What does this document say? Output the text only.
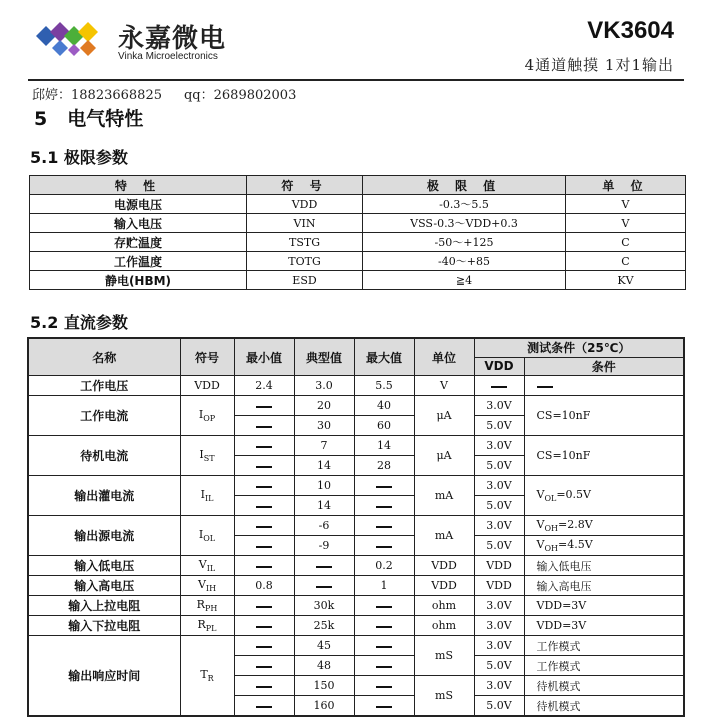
永嘉微电
Vinka Microelectronics
VK3604
4通道触摸 1对1输出
邱婷：18823668825 qq：2689802003
5 电气特性
5.1 极限参数
特 性	符 号	极 限 值	单 位
电源电压	VDD	-0.3～5.5	V
输入电压	VIN	VSS-0.3～VDD+0.3	V
存贮温度	TSTG	-50～+125	C
工作温度	TOTG	-40～+85	C
静电(HBM)	ESD	≧4	KV
5.2 直流参数
名称	符号	最小值	典型值	最大值	单位	测试条件（25℃）	
						VDD	条件
工作电压	VDD	2.4	3.0	5.5	V		
工作电流	$I_{OP}$		20	40	μA	3.0V	CS=10nF
			30	60		5.0V	
待机电流	$I_{ST}$		7	14	μA	3.0V	CS=10nF
			14	28		5.0V	
输出灌电流	$I_{IL}$		10		mA	3.0V	$V_{OL}=0.5V$
			14			5.0V	
输出源电流	$I_{OL}$		-6		mA	3.0V	$V_{OH}=2.8V$
			-9			5.0V	$V_{OH}=4.5V$
输入低电压	$V_{IL}$			0.2	VDD	VDD	输入低电压
输入高电压	$V_{IH}$	0.8		1	VDD	VDD	输入高电压
输入上拉电阻	$R_{PH}$		30k		ohm	3.0V	VDD=3V
输入下拉电阻	$R_{PL}$		25k		ohm	3.0V	VDD=3V
输出响应时间	$T_R$		45		mS	3.0V	工作模式
			48			5.0V	工作模式
			150		mS	3.0V	待机模式
			160			5.0V	待机模式
